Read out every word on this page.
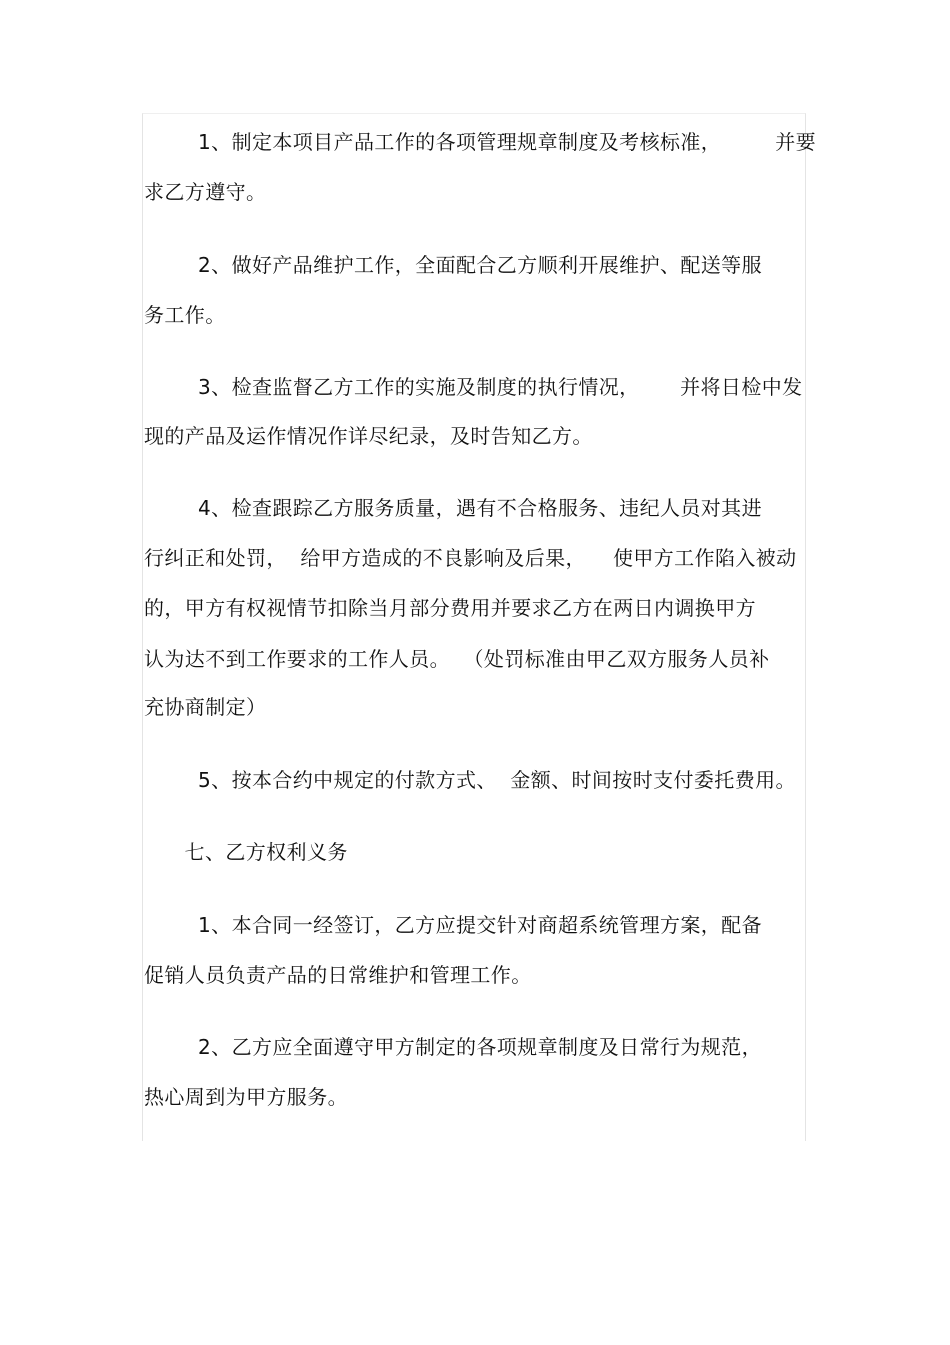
1、制定本项目产品工作的各项管理规章制度及考核标准，        并要
求乙方遵守。
2、做好产品维护工作，全面配合乙方顺利开展维护、配送等服
务工作。
3、检查监督乙方工作的实施及制度的执行情况，      并将日检中发
现的产品及运作情况作详尽纪录，及时告知乙方。
4、检查跟踪乙方服务质量，遇有不合格服务、违纪人员对其进
行纠正和处罚，  给甲方造成的不良影响及后果，    使甲方工作陷入被动
的，甲方有权视情节扣除当月部分费用并要求乙方在两日内调换甲方
认为达不到工作要求的工作人员。  （处罚标准由甲乙双方服务人员补
充协商制定）
5、按本合约中规定的付款方式、  金额、时间按时支付委托费用。
七、乙方权利义务
1、本合同一经签订，乙方应提交针对商超系统管理方案，配备
促销人员负责产品的日常维护和管理工作。
2、乙方应全面遵守甲方制定的各项规章制度及日常行为规范，
热心周到为甲方服务。
